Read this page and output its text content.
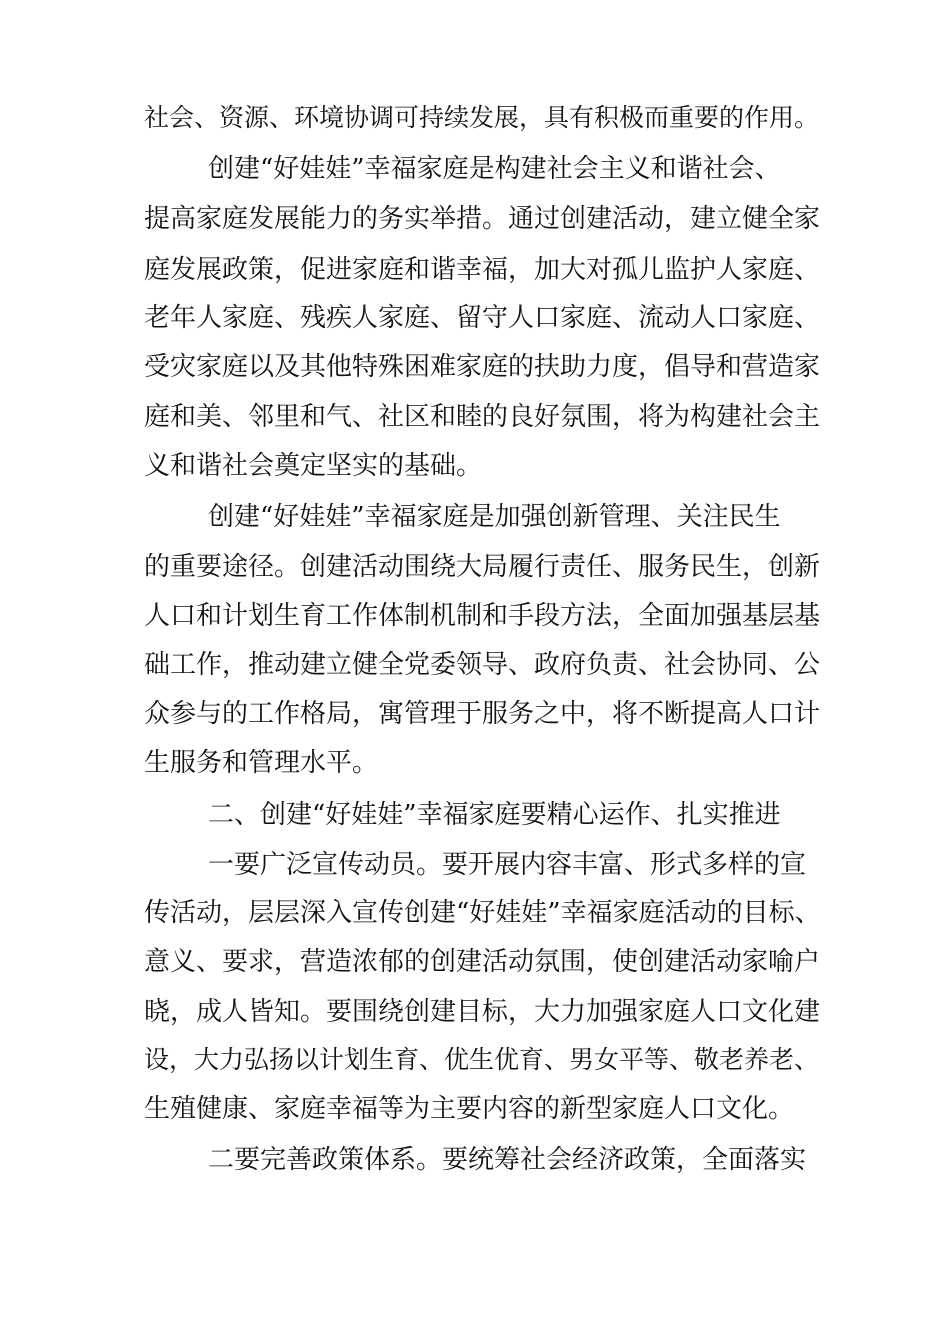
社会、资源、环境协调可持续发展，具有积极而重要的作用。
创建“好娃娃”幸福家庭是构建社会主义和谐社会、
提高家庭发展能力的务实举措。通过创建活动，建立健全家
庭发展政策，促进家庭和谐幸福，加大对孤儿监护人家庭、
老年人家庭、残疾人家庭、留守人口家庭、流动人口家庭、
受灾家庭以及其他特殊困难家庭的扶助力度，倡导和营造家
庭和美、邻里和气、社区和睦的良好氛围，将为构建社会主
义和谐社会奠定坚实的基础。
创建“好娃娃”幸福家庭是加强创新管理、关注民生
的重要途径。创建活动围绕大局履行责任、服务民生，创新
人口和计划生育工作体制机制和手段方法，全面加强基层基
础工作，推动建立健全党委领导、政府负责、社会协同、公
众参与的工作格局，寓管理于服务之中，将不断提高人口计
生服务和管理水平。
二、创建“好娃娃”幸福家庭要精心运作、扎实推进
一要广泛宣传动员。要开展内容丰富、形式多样的宣
传活动，层层深入宣传创建“好娃娃”幸福家庭活动的目标、
意义、要求，营造浓郁的创建活动氛围，使创建活动家喻户
晓，成人皆知。要围绕创建目标，大力加强家庭人口文化建
设，大力弘扬以计划生育、优生优育、男女平等、敬老养老、
生殖健康、家庭幸福等为主要内容的新型家庭人口文化。
二要完善政策体系。要统筹社会经济政策，全面落实
